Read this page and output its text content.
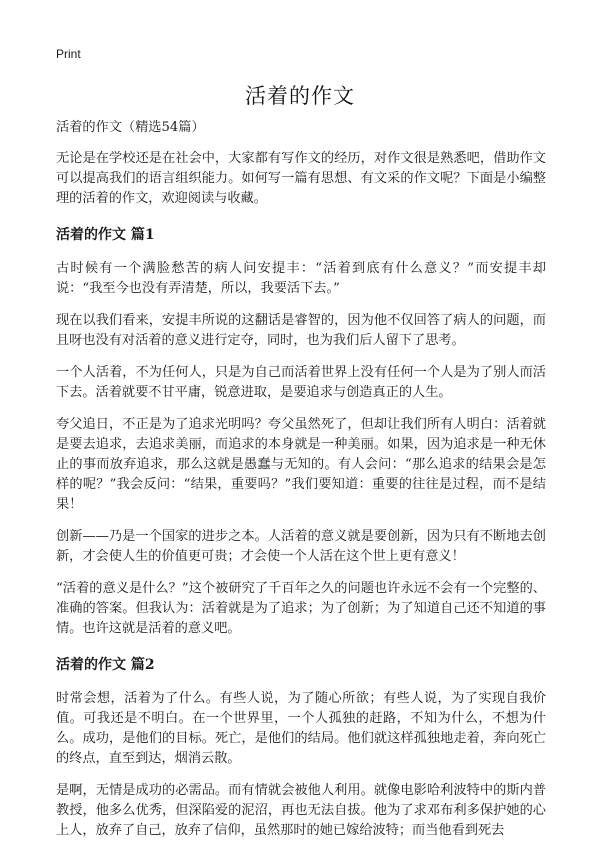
Print
活着的作文

活着的作文（精选54篇）

无论是在学校还是在社会中，大家都有写作文的经历，对作文很是熟悉吧，借助作文可以提高我们的语言组织能力。如何写一篇有思想、有文采的作文呢？下面是小编整理的活着的作文，欢迎阅读与收藏。

活着的作文 篇1

古时候有一个满脸愁苦的病人问安提丰：“活着到底有什么意义？”而安提丰却说：“我至今也没有弄清楚，所以，我要活下去。”

现在以我们看来，安提丰所说的这翻话是睿智的，因为他不仅回答了病人的问题，而且呀也没有对活着的意义进行定夺，同时，也为我们后人留下了思考。

一个人活着，不为任何人，只是为自己而活着世界上没有任何一个人是为了别人而活下去。活着就要不甘平庸，锐意进取，是要追求与创造真正的人生。

夸父追日，不正是为了追求光明吗？夸父虽然死了，但却让我们所有人明白：活着就是要去追求，去追求美丽，而追求的本身就是一种美丽。如果，因为追求是一种无休止的事而放弃追求，那么这就是愚蠢与无知的。有人会问：“那么追求的结果会是怎样的呢？”我会反问：“结果，重要吗？”我们要知道：重要的往往是过程，而不是结果！

创新——乃是一个国家的进步之本。人活着的意义就是要创新，因为只有不断地去创新，才会使人生的价值更可贵；才会使一个人活在这个世上更有意义！

“活着的意义是什么？”这个被研究了千百年之久的问题也许永远不会有一个完整的、准确的答案。但我认为：活着就是为了追求；为了创新；为了知道自己还不知道的事情。也许这就是活着的意义吧。

活着的作文 篇2

时常会想，活着为了什么。有些人说，为了随心所欲；有些人说，为了实现自我价值。可我还是不明白。在一个世界里，一个人孤独的赶路，不知为什么，不想为什么。成功，是他们的目标。死亡，是他们的结局。他们就这样孤独地走着，奔向死亡的终点，直至到达，烟消云散。

是啊，无情是成功的必需品。而有情就会被他人利用。就像电影哈利波特中的斯内普教授，他多么优秀，但深陷爱的泥沼，再也无法自拔。他为了求邓布利多保护她的心上人，放弃了自己，放弃了信仰，虽然那时的她已嫁给波特；而当他看到死去
